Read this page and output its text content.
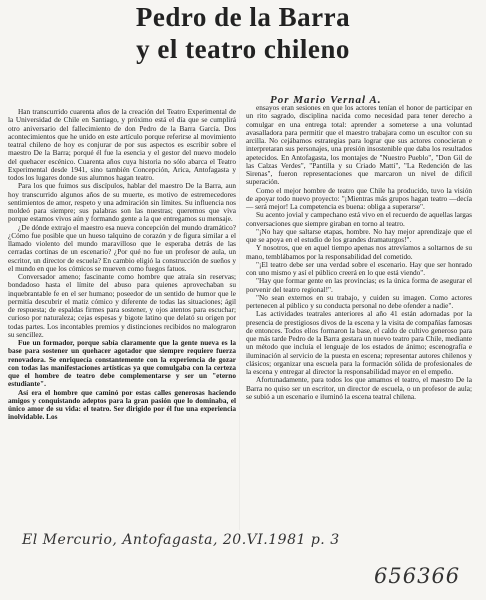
Pedro de la Barra
y el teatro chileno
Por Mario Vernal A.

Han transcurrido cuarenta años de la creación del Teatro Experimental de la Universidad de Chile en Santiago, y próximo está el día que se cumplirá otro aniversario del fallecimiento de don Pedro de la Barra García. Dos acontecimientos que he unido en este artículo porque referirse al movimiento teatral chileno de hoy es conjurar de por sus aspectos es escribir sobre el maestro De la Barra; porqué él fue la esencia y el gestor del nuevo modelo del quehacer escénico. Cuarenta años cuya historia no sólo abarca el Teatro Experimental desde 1941, sino también Concepción, Arica, Antofagasta y todos los lugares donde sus alumnos hagan teatro.

Para los que fuimos sus discípulos, hablar del maestro De la Barra, aun hoy transcurrido algunos años de su muerte, es motivo de estremecedores sentimientos de amor, respeto y una admiración sin límites. Su influencia nos moldeó para siempre; sus palabras son las nuestras; queremos que viva porque estamos vivos aún y formando gente a la que entregamos su mensaje.

¿De dónde extrajo el maestro esa nueva concepción del mundo dramático? ¿Cómo fue posible que un hueso talquino de corazón y de figura similar a el llamado violento del mundo maravilloso que le esperaba detrás de las cerradas cortinas de un escenario? ¿Por qué no fue un profesor de aula, un escritor, un director de escuela? En cambio eligió la construcción de sueños y el mundo en que los cómicos se mueven como fuegos fatuos.

Conversador ameno; fascinante como hombre que atraía sin reservas; bondadoso hasta el límite del abuso para quienes aprovechaban su inquebrantable fe en el ser humano; poseedor de un sentido de humor que le permitía descubrir el matiz cómico y diferente de todas las situaciones; ágil de respuesta; de espaldas firmes para sostener, y ojos atentos para escuchar; curioso por naturaleza; cejas espesas y bigote latino que delató su origen por todas partes. Los incontables premios y distinciones recibidos no malograron su sencillez.

Fue un formador, porque sabía claramente que la gente nueva es la base para sostener un quehacer agotador que siempre requiere fuerza renovadora. Se enriquecía constantemente con la experiencia de gozar con todas las manifestaciones artísticas ya que comulgaba con la certeza que el hombre de teatro debe complementarse y ser un "eterno estudiante".

Así era el hombre que caminó por estas calles generosas haciendo amigos y conquistando adeptos para la gran pasión que lo dominaba, el único amor de su vida: el teatro. Ser dirigido por él fue una experiencia inolvidable. Los

ensayos eran sesiones en que los actores tenían el honor de participar en un rito sagrado, disciplina nacida como necesidad para tener derecho a comulgar en una entrega total: aprender a someterse a una voluntad avasalladora para permitir que el maestro trabajara como un escultor con su arcilla. No cejábamos estrategias para lograr que sus actores conocieran e interpretaran sus personajes, una presión insostenible que daba los resultados apetecidos. En Antofagasta, los montajes de "Nuestro Pueblo", "Don Gil de las Calzas Verdes", "Pantilla y su Criado Matti", "La Redención de las Sirenas", fueron representaciones que marcaron un nivel de difícil superación.

Como el mejor hombre de teatro que Chile ha producido, tuvo la visión de apoyar todo nuevo proyecto: "¡Mientras más grupos hagan teatro —decía— será mejor! La competencia es buena: obliga a superarse".

Su acento jovial y campechano está vivo en el recuerdo de aquellas largas conversaciones que siempre giraban en torno al teatro.

"¡No hay que saltarse etapas, hombre. No hay mejor aprendizaje que el que se apoya en el estudio de los grandes dramaturgos!".

Y nosotros, que en aquel tiempo apenas nos atrevíamos a soltarnos de su mano, temblábamos por la responsabilidad del cometido.

"¡El teatro debe ser una verdad sobre el escenario. Hay que ser honrado con uno mismo y así el público creerá en lo que está viendo".

"Hay que formar gente en las provincias; es la única forma de asegurar el porvenir del teatro regional!".

"No sean externos en su trabajo, y cuiden su imagen. Como actores pertenecen al público y su conducta personal no debe ofender a nadie".

Las actividades teatrales anteriores al año 41 están adornadas por la presencia de prestigiosos divos de la escena y la visita de compañías famosas de entonces. Todos ellos formaron la base, el caldo de cultivo generoso para que más tarde Pedro de la Barra gestara un nuevo teatro para Chile, mediante un método que incluía el lenguaje de los estados de ánimo; escenografía e iluminación al servicio de la puesta en escena; representar autores chilenos y clásicos; organizar una escuela para la formación sólida de profesionales de la escena y entregar al director la responsabilidad mayor en el empeño.

Afortunadamente, para todos los que amamos el teatro, el maestro De la Barra no quiso ser un escritor, un director de escuela, o un profesor de aula; se subió a un escenario e iluminó la escena teatral chilena.

El Mercurio, Antofagasta, 20.VI.1981 p. 3
656366
